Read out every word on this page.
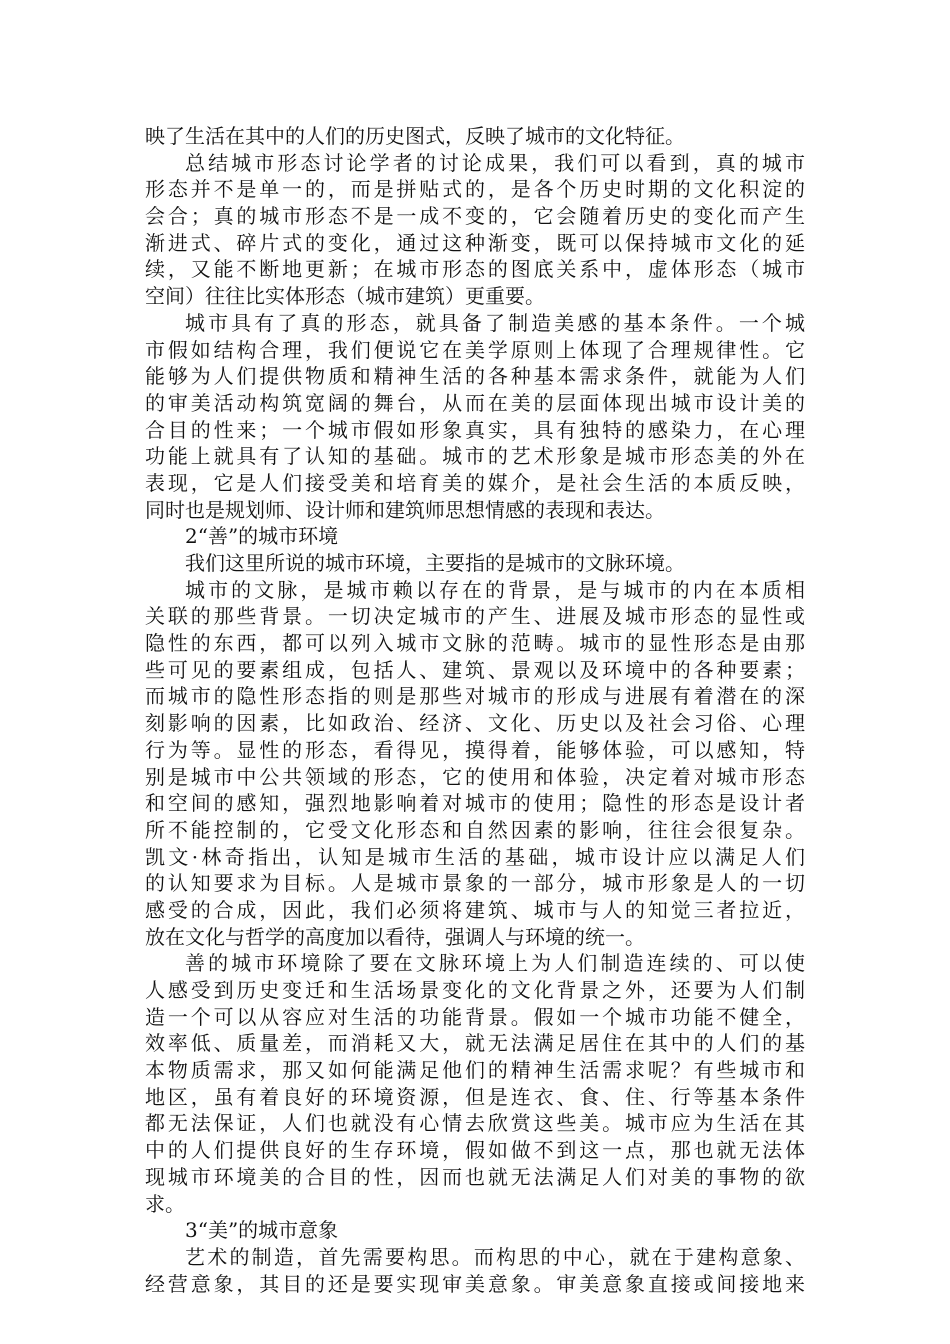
映了生活在其中的人们的历史图式，反映了城市的文化特征。
总结城市形态讨论学者的讨论成果，我们可以看到，真的城市
形态并不是单一的，而是拼贴式的，是各个历史时期的文化积淀的
会合；真的城市形态不是一成不变的，它会随着历史的变化而产生
渐进式、碎片式的变化，通过这种渐变，既可以保持城市文化的延
续，又能不断地更新；在城市形态的图底关系中，虚体形态（城市
空间）往往比实体形态（城市建筑）更重要。
城市具有了真的形态，就具备了制造美感的基本条件。一个城
市假如结构合理，我们便说它在美学原则上体现了合理规律性。它
能够为人们提供物质和精神生活的各种基本需求条件，就能为人们
的审美活动构筑宽阔的舞台，从而在美的层面体现出城市设计美的
合目的性来；一个城市假如形象真实，具有独特的感染力，在心理
功能上就具有了认知的基础。城市的艺术形象是城市形态美的外在
表现，它是人们接受美和培育美的媒介，是社会生活的本质反映，
同时也是规划师、设计师和建筑师思想情感的表现和表达。
2“善”的城市环境
我们这里所说的城市环境，主要指的是城市的文脉环境。
城市的文脉，是城市赖以存在的背景，是与城市的内在本质相
关联的那些背景。一切决定城市的产生、进展及城市形态的显性或
隐性的东西，都可以列入城市文脉的范畴。城市的显性形态是由那
些可见的要素组成，包括人、建筑、景观以及环境中的各种要素；
而城市的隐性形态指的则是那些对城市的形成与进展有着潜在的深
刻影响的因素，比如政治、经济、文化、历史以及社会习俗、心理
行为等。显性的形态，看得见，摸得着，能够体验，可以感知，特
别是城市中公共领域的形态，它的使用和体验，决定着对城市形态
和空间的感知，强烈地影响着对城市的使用；隐性的形态是设计者
所不能控制的，它受文化形态和自然因素的影响，往往会很复杂。
凯文·林奇指出，认知是城市生活的基础，城市设计应以满足人们
的认知要求为目标。人是城市景象的一部分，城市形象是人的一切
感受的合成，因此，我们必须将建筑、城市与人的知觉三者拉近，
放在文化与哲学的高度加以看待，强调人与环境的统一。
善的城市环境除了要在文脉环境上为人们制造连续的、可以使
人感受到历史变迁和生活场景变化的文化背景之外，还要为人们制
造一个可以从容应对生活的功能背景。假如一个城市功能不健全，
效率低、质量差，而消耗又大，就无法满足居住在其中的人们的基
本物质需求，那又如何能满足他们的精神生活需求呢？有些城市和
地区，虽有着良好的环境资源，但是连衣、食、住、行等基本条件
都无法保证，人们也就没有心情去欣赏这些美。城市应为生活在其
中的人们提供良好的生存环境，假如做不到这一点，那也就无法体
现城市环境美的合目的性，因而也就无法满足人们对美的事物的欲
求。
3“美”的城市意象
艺术的制造，首先需要构思。而构思的中心，就在于建构意象、
经营意象，其目的还是要实现审美意象。审美意象直接或间接地来
